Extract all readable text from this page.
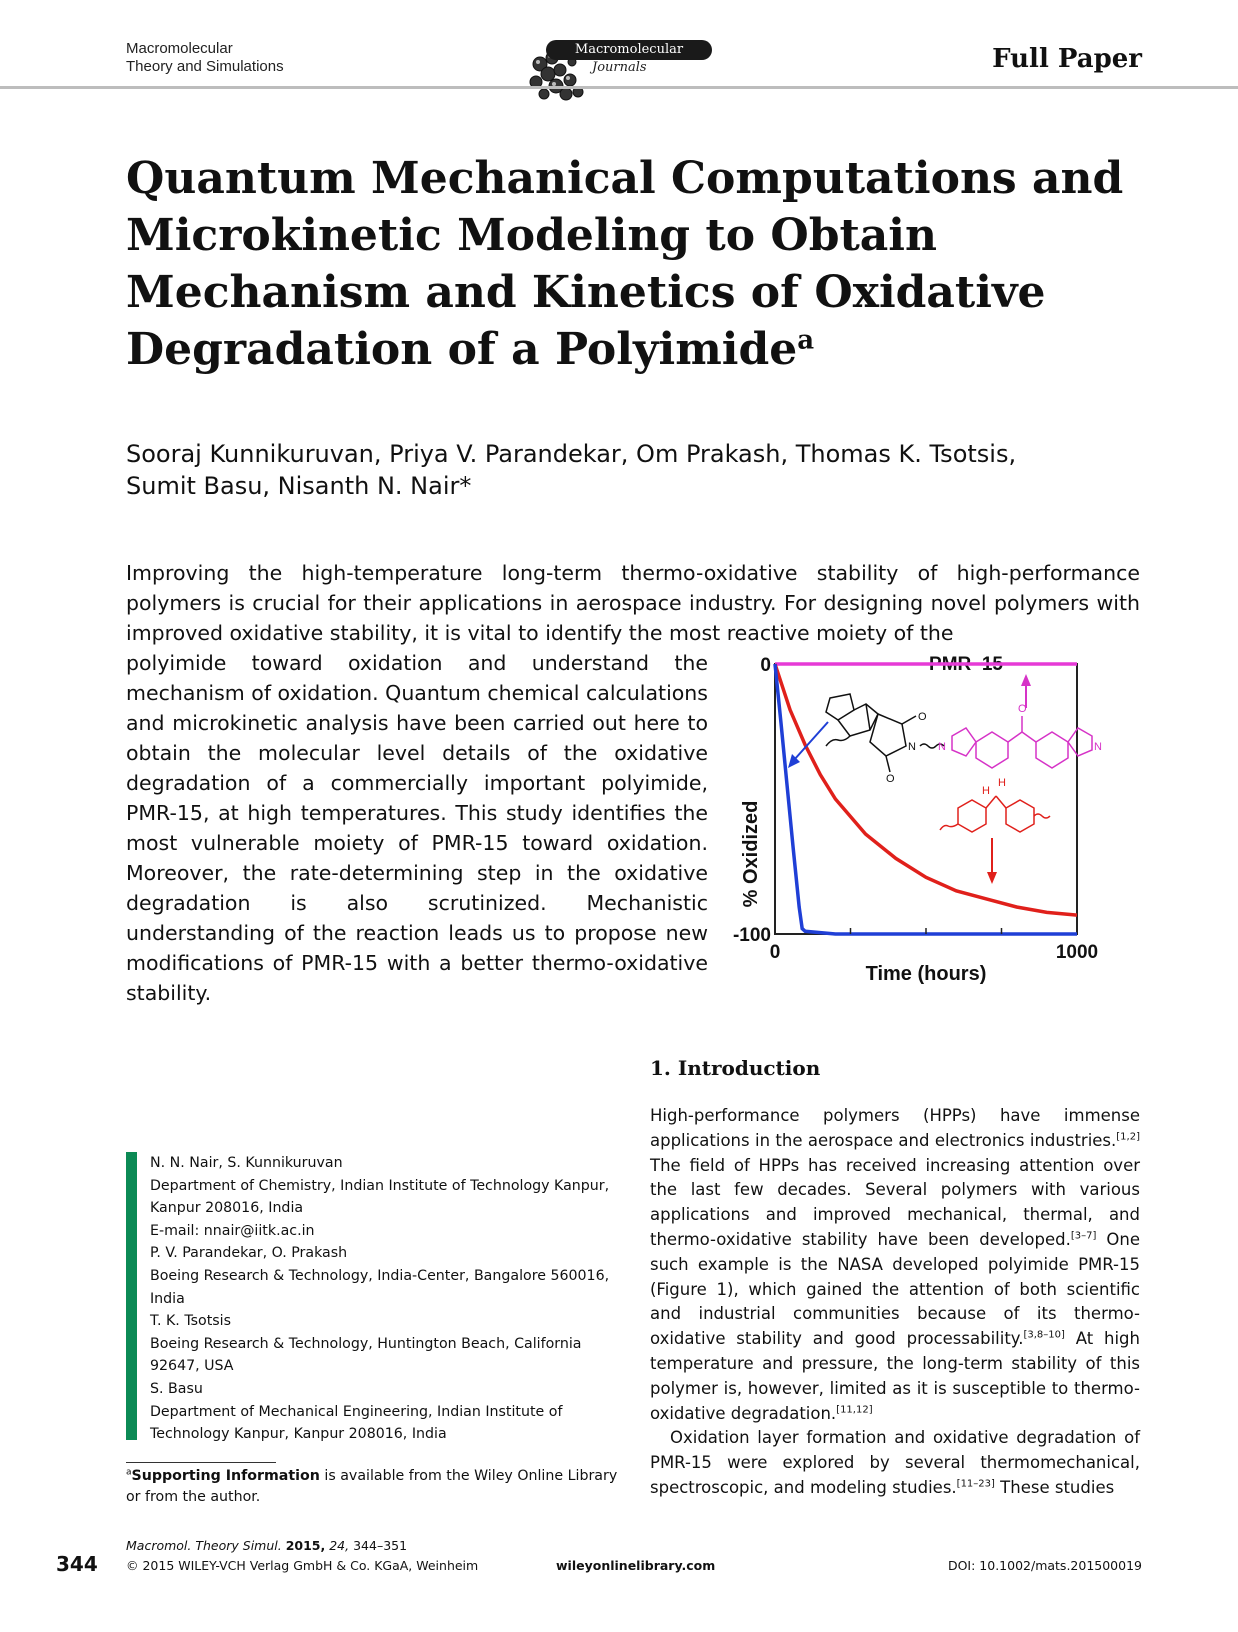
Macromolecular
Theory and Simulations
Macromolecular
Journals	Full Paper
Quantum Mechanical Computations and Microkinetic Modeling to Obtain Mechanism and Kinetics of Oxidative Degradation of a Polyimide$^a$
Sooraj Kunnikuruvan, Priya V. Parandekar, Om Prakash, Thomas K. Tsotsis,
Sumit Basu, Nisanth N. Nair*
Improving the high-temperature long-term thermo-oxidative stability of high-performance polymers is crucial for their applications in aerospace industry. For designing novel polymers with improved oxidative stability, it is vital to identify the most reactive moiety of the
polyimide toward oxidation and understand the mechanism of oxidation. Quantum chemical calculations and microkinetic analysis have been carried out here to obtain the molecular level details of the oxidative degradation of a commercially important polyimide, PMR-15, at high temperatures. This study identifies the most vulnerable moiety of PMR-15 toward oxidation. Moreover, the rate-determining step in the oxidative degradation is also scrutinized. Mechanistic understanding of the reaction leads us to propose new modifications of PMR-15 with a better thermo-oxidative stability.
PMR–15
% Oxidized
Time (hours)
0	1000
0
-100
O
O
N
O
N	N
H
H
1. Introduction

High-performance polymers (HPPs) have immense applications in the aerospace and electronics industries.[1,2] The field of HPPs has received increasing attention over the last few decades. Several polymers with various applications and improved mechanical, thermal, and thermo-oxidative stability have been developed.[3–7] One such example is the NASA developed polyimide PMR-15 (Figure 1), which gained the attention of both scientific and industrial communities because of its thermo-oxidative stability and good processability.[3,8–10] At high temperature and pressure, the long-term stability of this polymer is, however, limited as it is susceptible to thermo-oxidative degradation.[11,12]

Oxidation layer formation and oxidative degradation of PMR-15 were explored by several thermomechanical, spectroscopic, and modeling studies.[11–23] These studies

N. N. Nair, S. Kunnikuruvan
Department of Chemistry, Indian Institute of Technology Kanpur,
Kanpur 208016, India
E-mail: nnair@iitk.ac.in
P. V. Parandekar, O. Prakash
Boeing Research & Technology, India-Center, Bangalore 560016,
India
T. K. Tsotsis
Boeing Research & Technology, Huntington Beach, California
92647, USA
S. Basu
Department of Mechanical Engineering, Indian Institute of
Technology Kanpur, Kanpur 208016, India
$^a$Supporting Information is available from the Wiley Online Library or from the author.
344
Macromol. Theory Simul. 2015, 24, 344–351
© 2015 WILEY-VCH Verlag GmbH & Co. KGaA, Weinheim	wileyonlinelibrary.com	DOI: 10.1002/mats.201500019
